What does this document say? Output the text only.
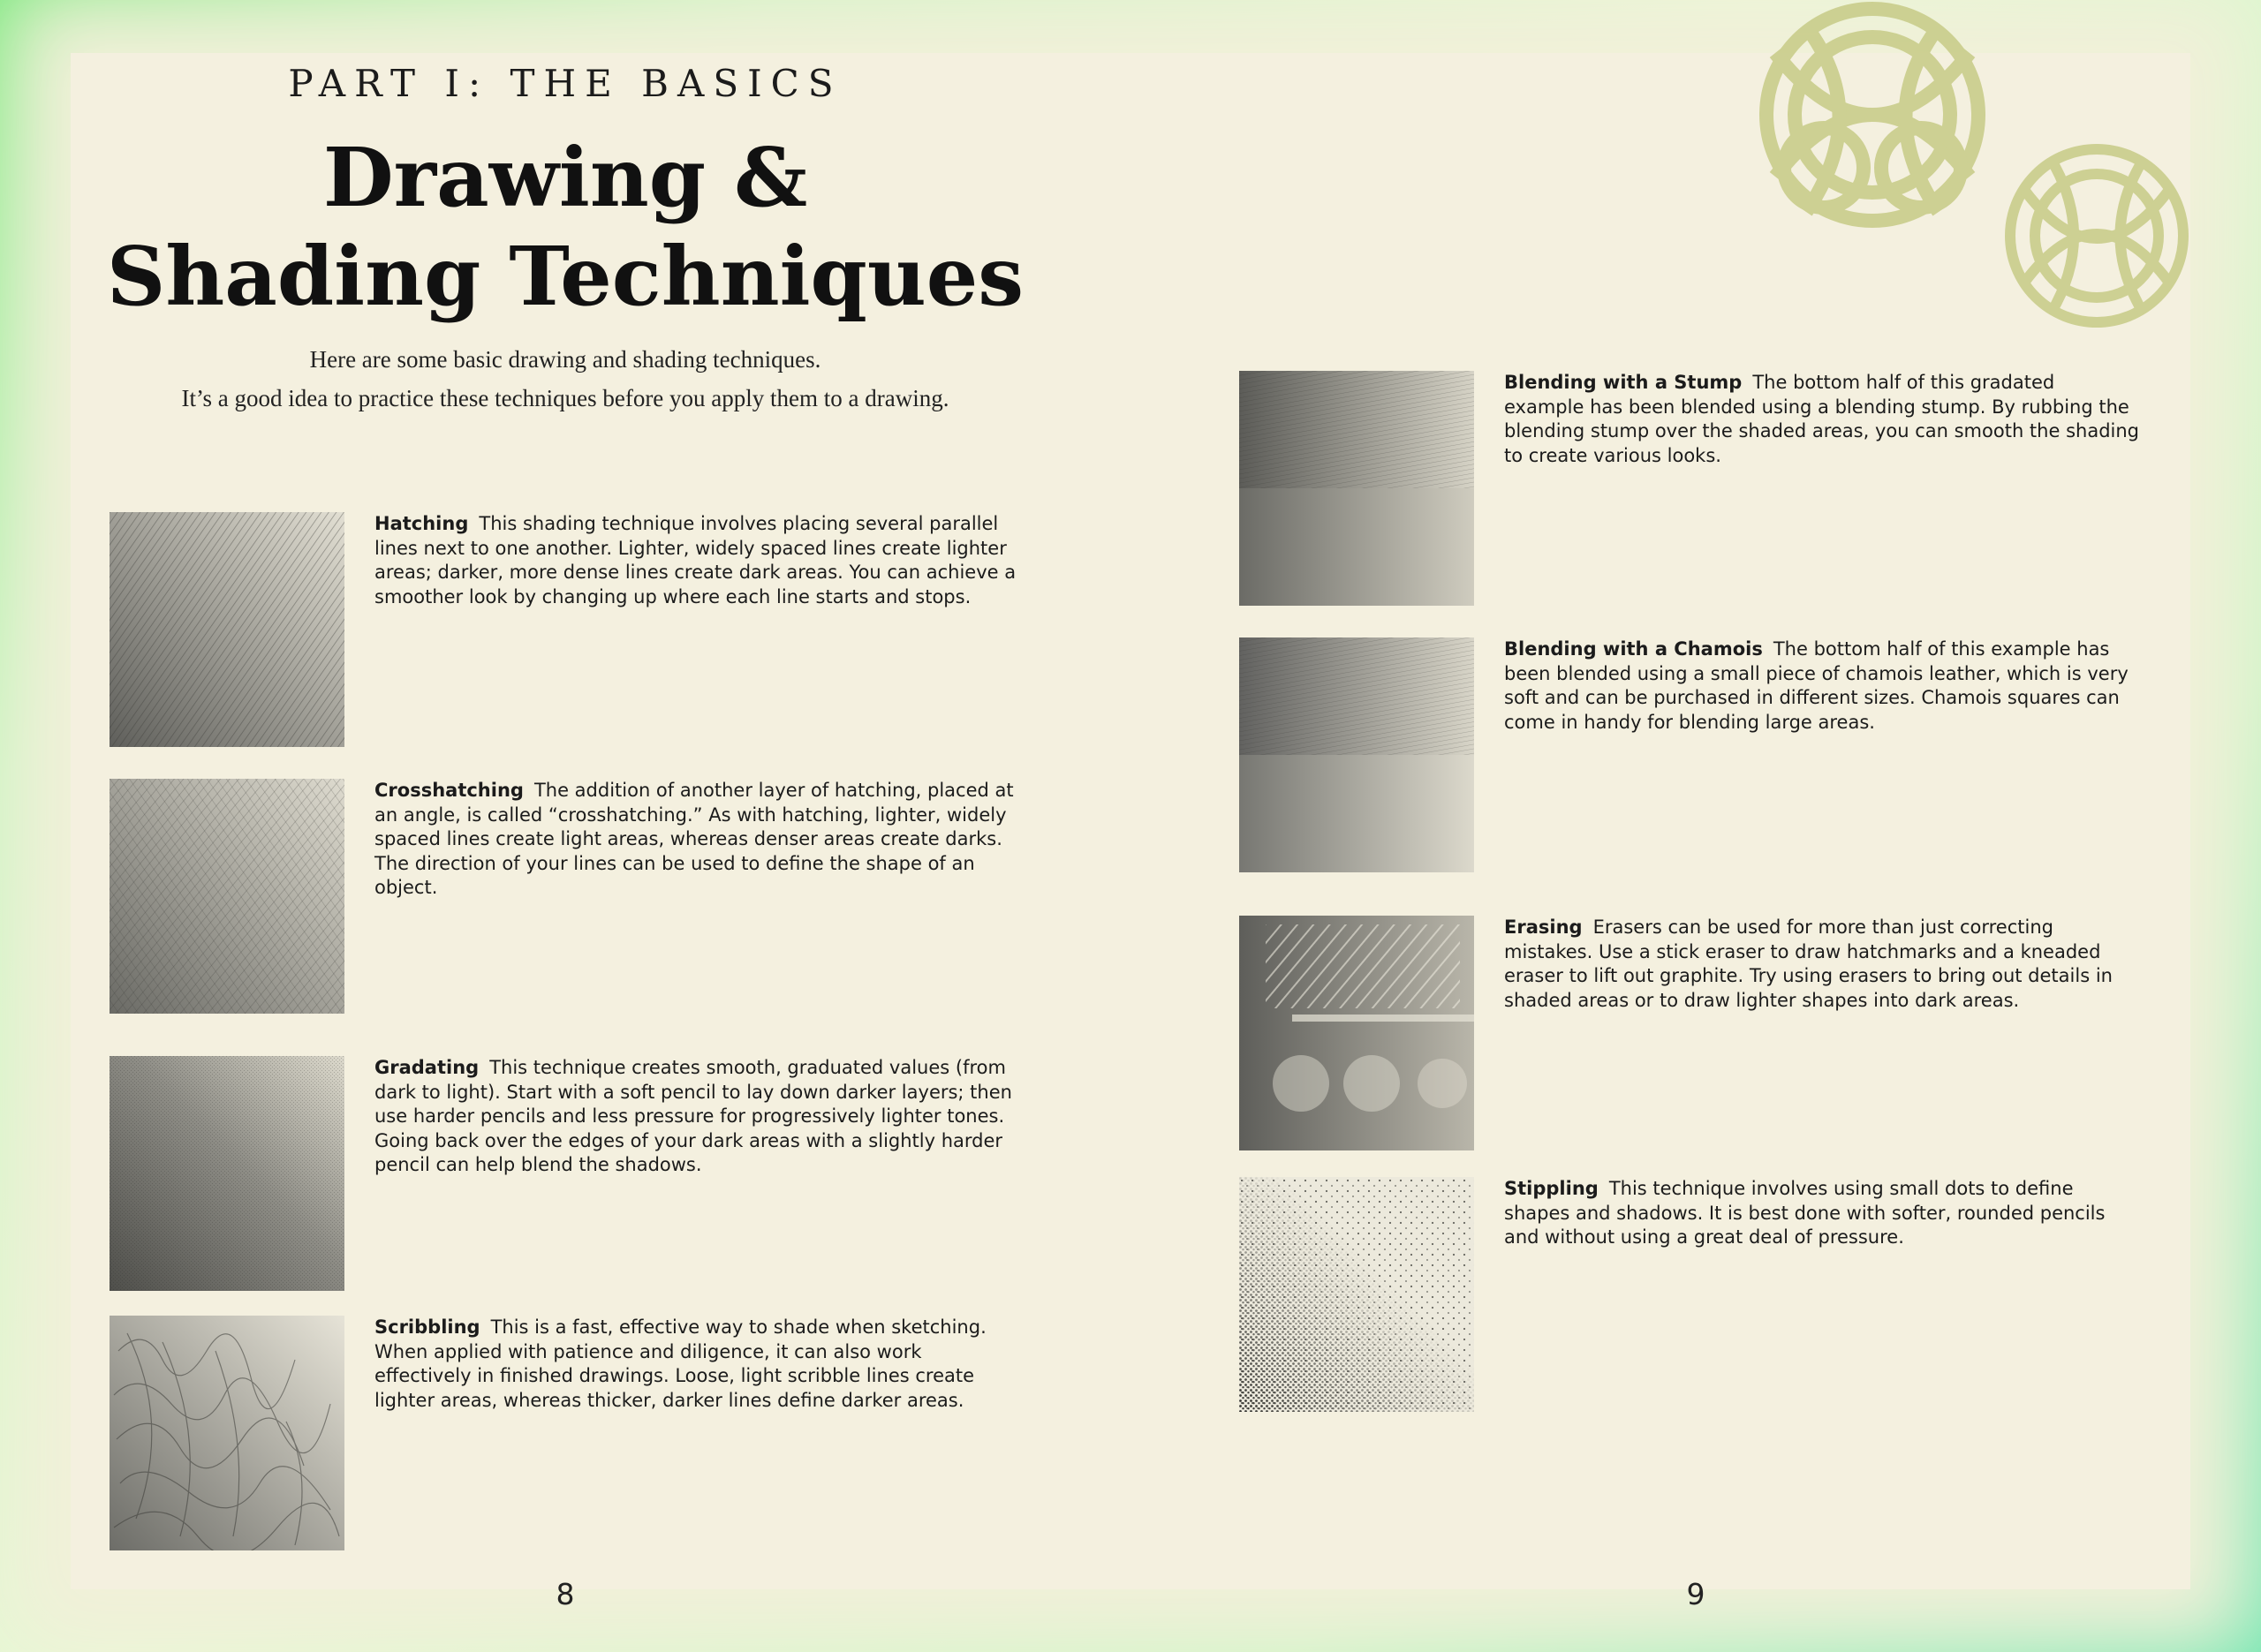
PART I: THE BASICS
Drawing &
Shading Techniques
Here are some basic drawing and shading techniques.
It’s a good idea to practice these techniques before you apply them to a drawing.
Hatching This shading technique involves placing several parallel lines next to one another. Lighter, widely spaced lines create lighter areas; darker, more dense lines create dark areas. You can achieve a smoother look by changing up where each line starts and stops.
Crosshatching The addition of another layer of hatching, placed at an angle, is called “crosshatching.” As with hatching, lighter, widely spaced lines create light areas, whereas denser areas create darks. The direction of your lines can be used to define the shape of an object.
Gradating This technique creates smooth, graduated values (from dark to light). Start with a soft pencil to lay down darker layers; then use harder pencils and less pressure for progressively lighter tones. Going back over the edges of your dark areas with a slightly harder pencil can help blend the shadows.
Scribbling This is a fast, effective way to shade when sketching. When applied with patience and diligence, it can also work effectively in finished drawings. Loose, light scribble lines create lighter areas, whereas thicker, darker lines define darker areas.
8
Blending with a Stump The bottom half of this gradated example has been blended using a blending stump. By rubbing the blending stump over the shaded areas, you can smooth the shading to create various looks.
Blending with a Chamois The bottom half of this example has been blended using a small piece of chamois leather, which is very soft and can be purchased in different sizes. Chamois squares can come in handy for blending large areas.
Erasing Erasers can be used for more than just correcting mistakes. Use a stick eraser to draw hatchmarks and a kneaded eraser to lift out graphite. Try using erasers to bring out details in shaded areas or to draw lighter shapes into dark areas.
Stippling This technique involves using small dots to define shapes and shadows. It is best done with softer, rounded pencils and without using a great deal of pressure.
9
